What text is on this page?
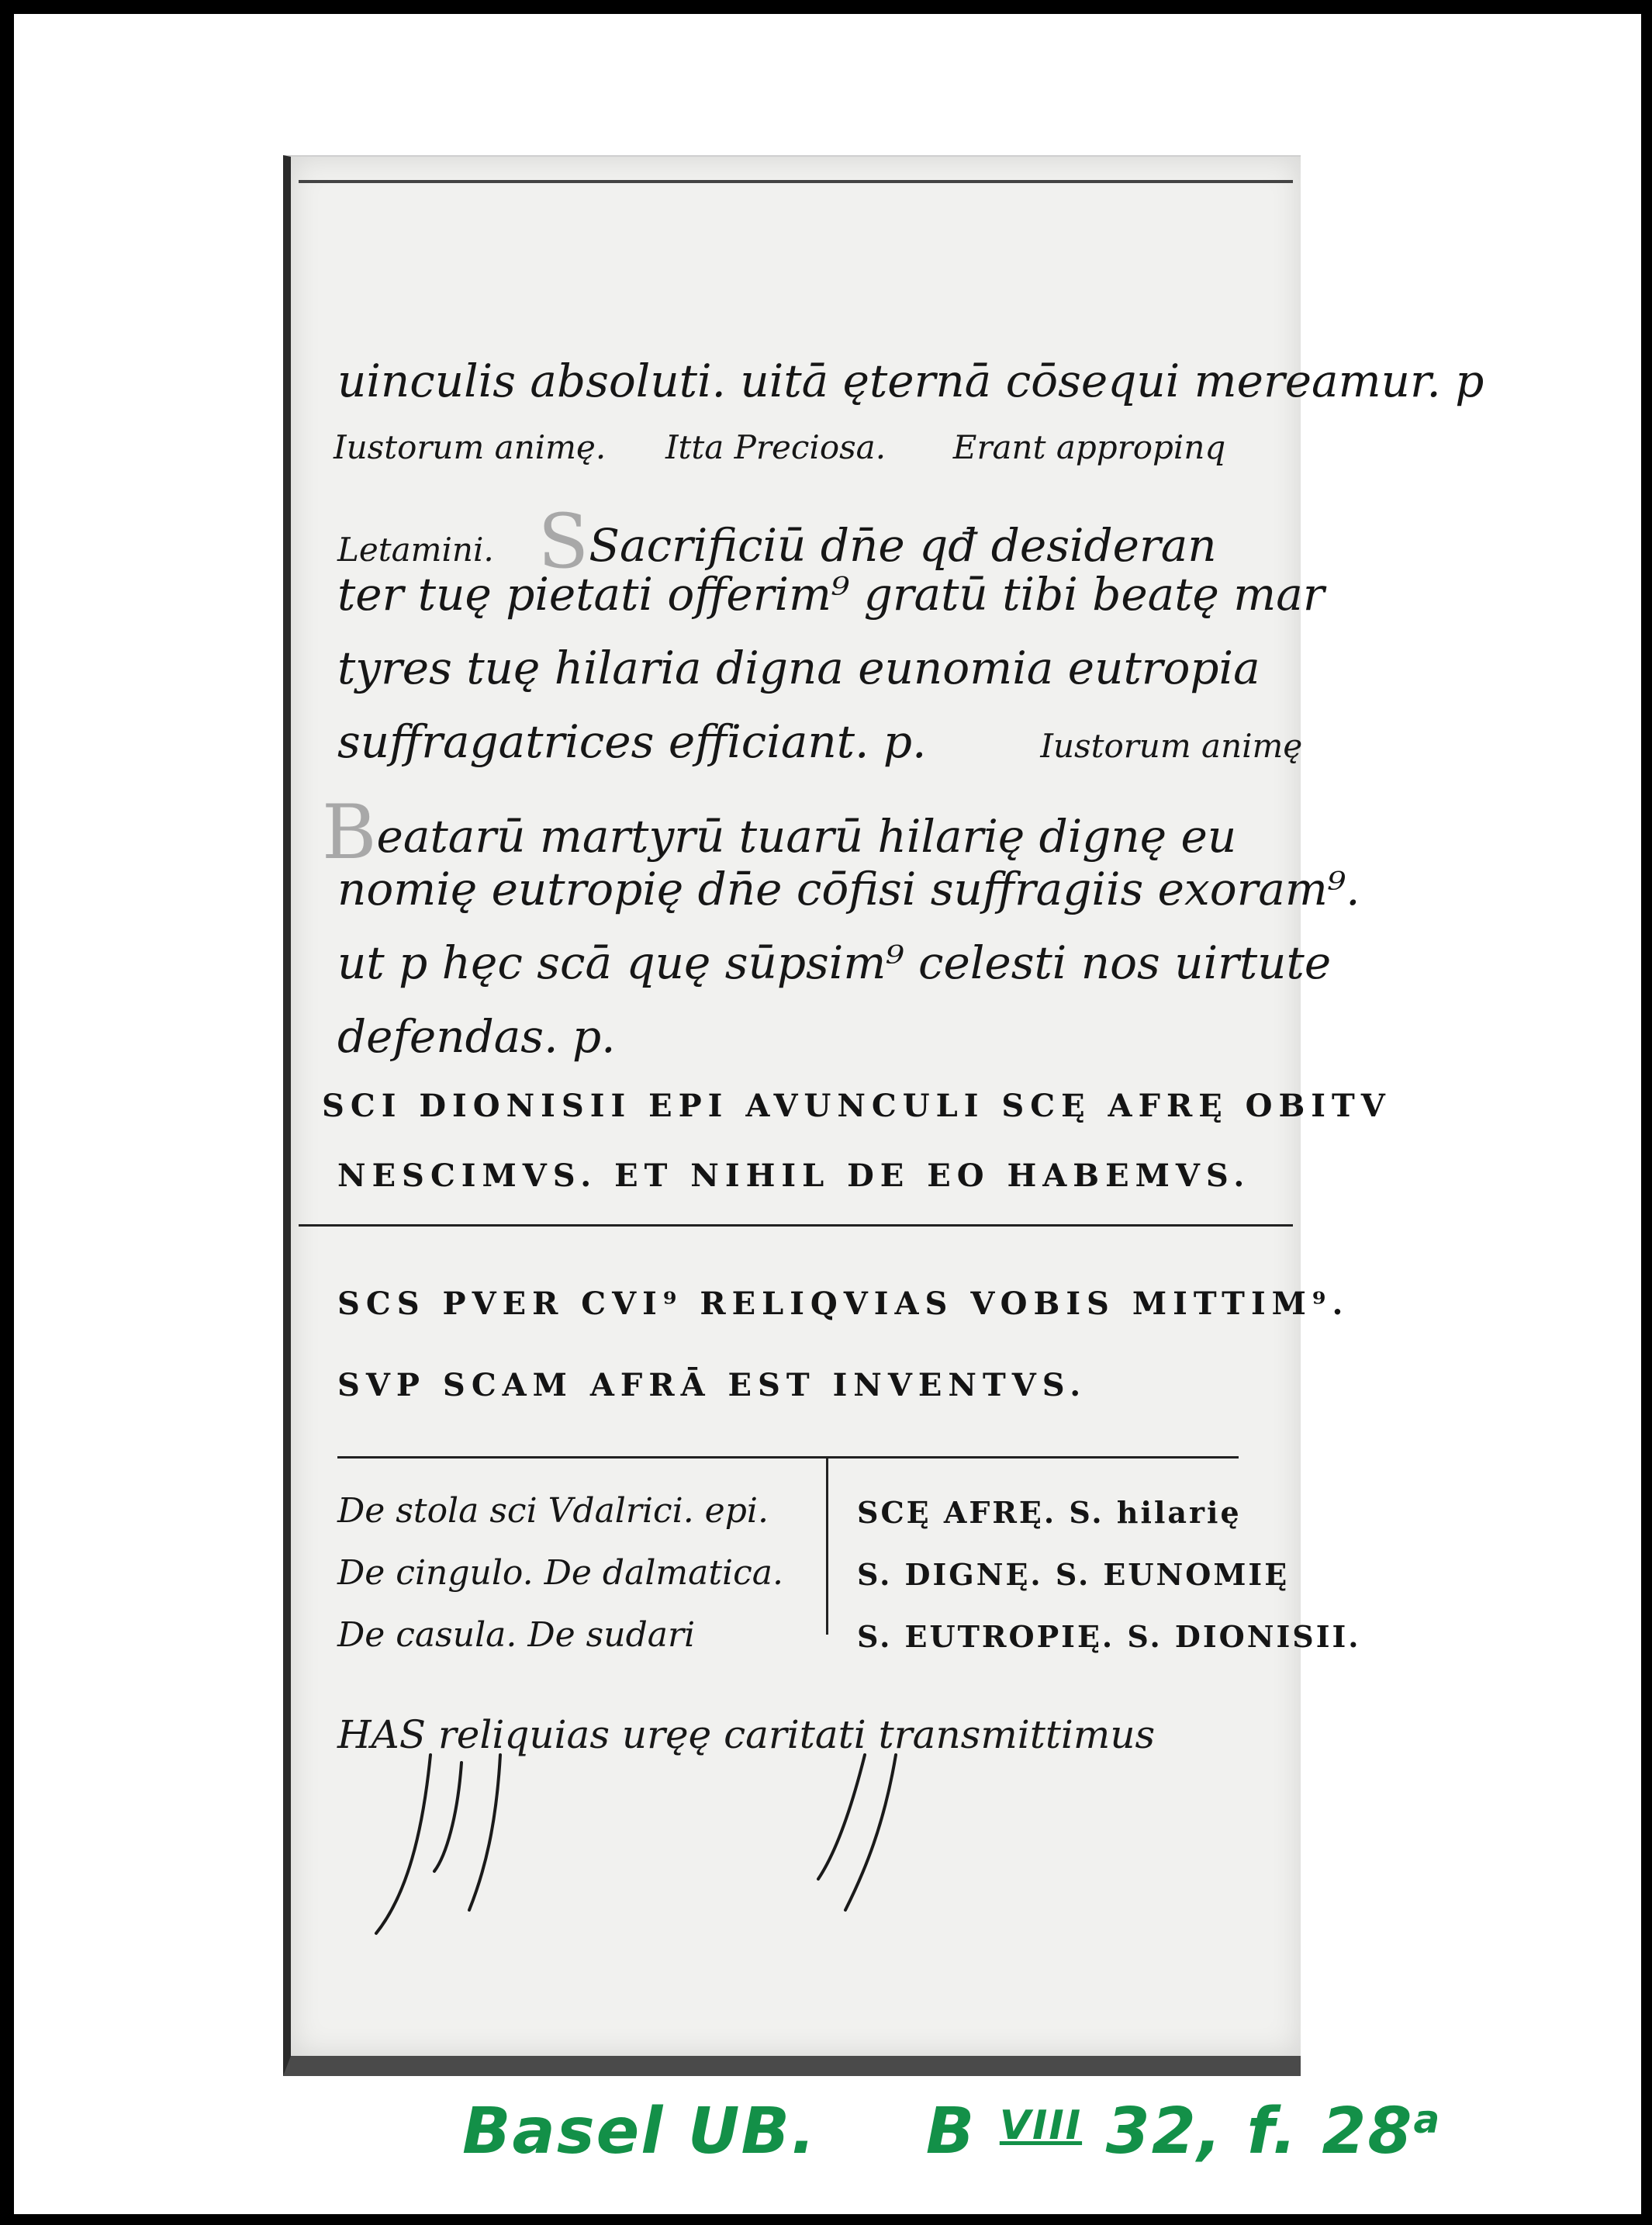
uinculis absoluti. uitā ęternā cōsequi mereamur. p
Iustorum animę. Itta Preciosa. Erant appropinq
Letamini. SSacrificiū dn̄e qđ desideran
ter tuę pietati offerim⁹ gratū tibi beatę mar
tyres tuę hilaria digna eunomia eutropia
suffragatrices efficiant. p.	Iustorum animę
Beatarū martyrū tuarū hilarię dignę eu
nomię eutropię dn̄e cōfisi suffragiis exoram⁹.
ut p hęc scā quę sūpsim⁹ celesti nos uirtute
defendas. p.
SCI DIONISII EPI AVUNCULI SCĘ AFRĘ OBITV
NESCIMVS. ET NIHIL DE EO HABEMVS.
SCS PVER CVI⁹ RELIQVIAS VOBIS MITTIM⁹.
SVP SCAM AFRĀ EST INVENTVS.
De stola sci Vdalrici. epi.
De cingulo. De dalmatica.
De casula. De sudari
SCĘ AFRĘ. S. hilarię
S. DIGNĘ. S. EUNOMIĘ
S. EUTROPIĘ. S. DIONISII.
HAS reliquias uręę caritati transmittimus
Basel UB. B $^{VIII}$ 32, f. 28$^a$
